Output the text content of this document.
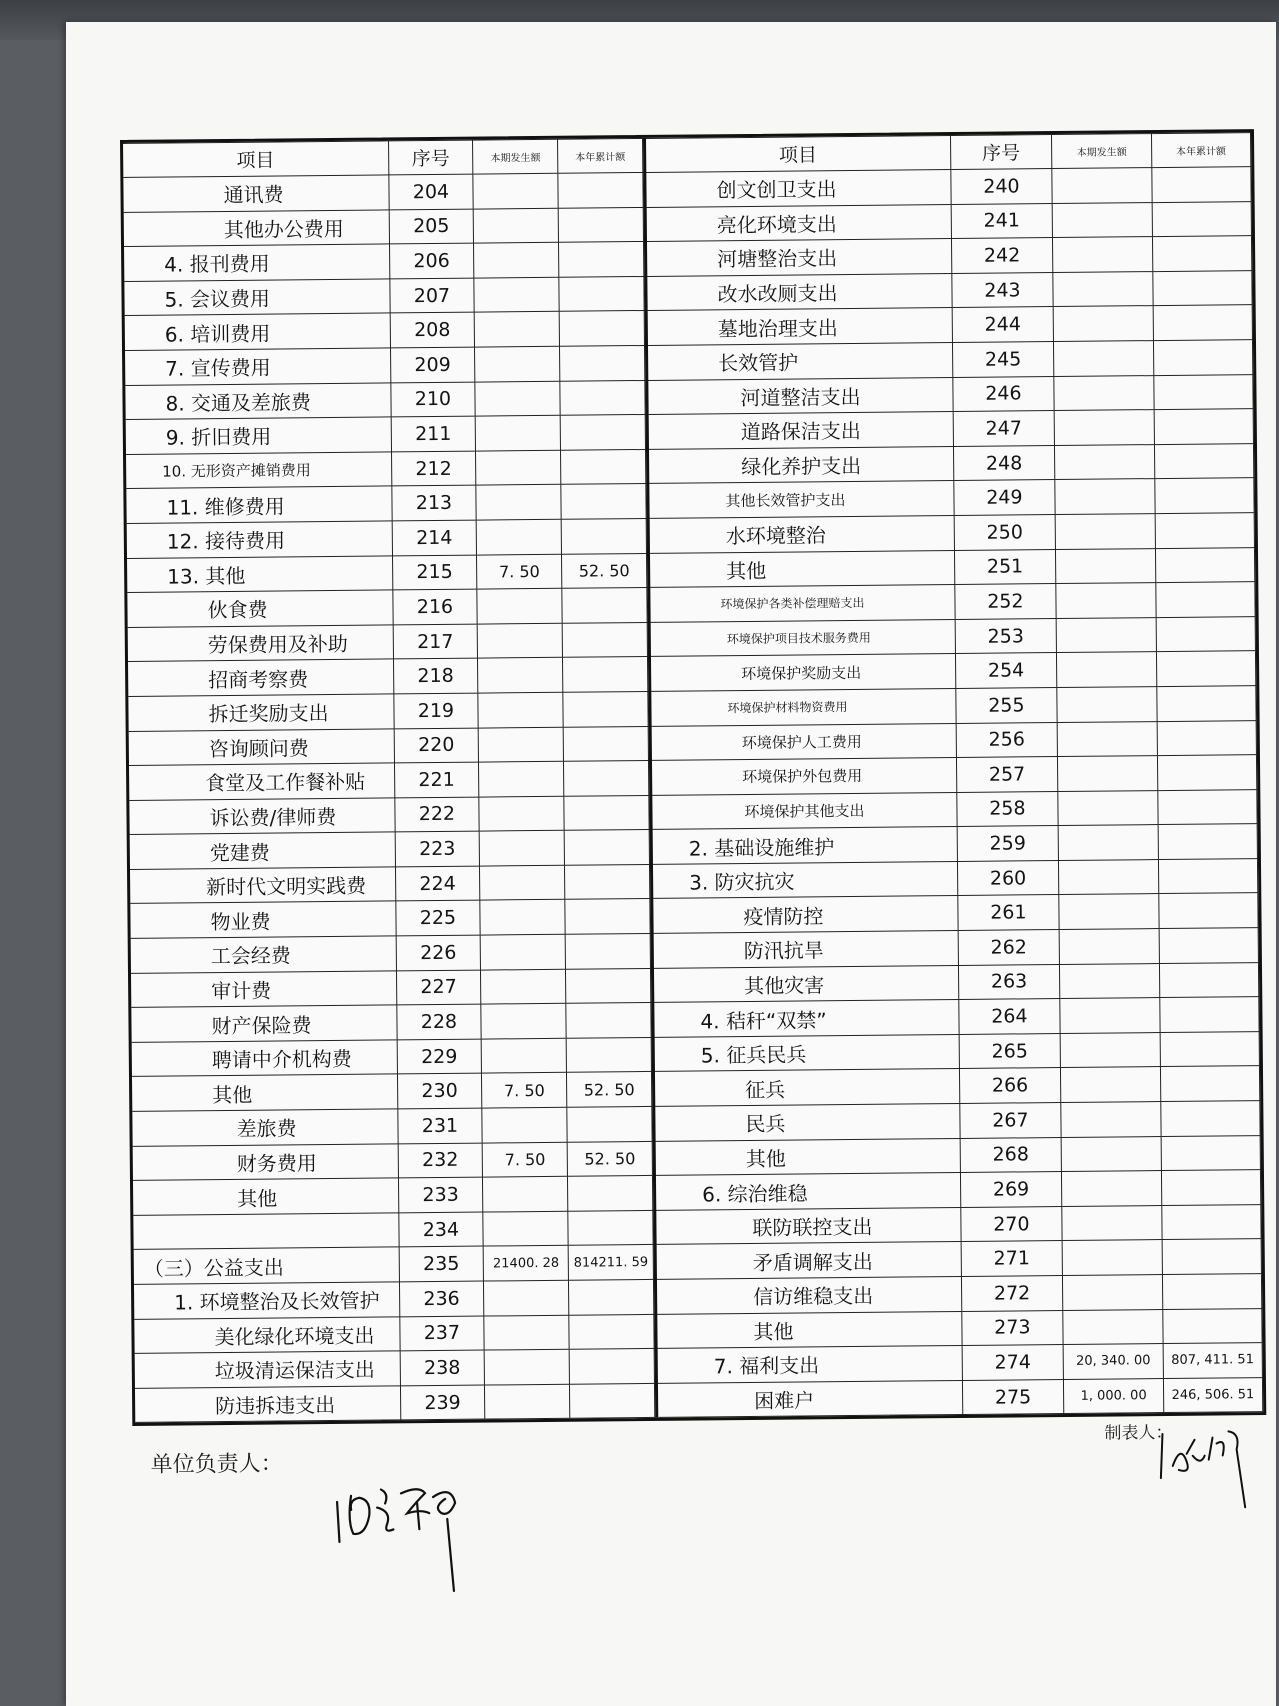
项目	序号	本期发生额	本年累计额
通讯费	204		
其他办公费用	205		
4. 报刊费用	206		
5. 会议费用	207		
6. 培训费用	208		
7. 宣传费用	209		
8. 交通及差旅费	210		
9. 折旧费用	211		
10. 无形资产摊销费用	212		
11. 维修费用	213		
12. 接待费用	214		
13. 其他	215	7. 50	52. 50
伙食费	216		
劳保费用及补助	217		
招商考察费	218		
拆迁奖励支出	219		
咨询顾问费	220		
食堂及工作餐补贴	221		
诉讼费/律师费	222		
党建费	223		
新时代文明实践费	224		
物业费	225		
工会经费	226		
审计费	227		
财产保险费	228		
聘请中介机构费	229		
其他	230	7. 50	52. 50
差旅费	231		
财务费用	232	7. 50	52. 50
其他	233		
	234		
（三）公益支出	235	21400. 28	814211. 59
1. 环境整治及长效管护	236		
美化绿化环境支出	237		
垃圾清运保洁支出	238		
防违拆违支出	239		
项目	序号	本期发生额	本年累计额
创文创卫支出	240		
亮化环境支出	241		
河塘整治支出	242		
改水改厕支出	243		
墓地治理支出	244		
长效管护	245		
河道整洁支出	246		
道路保洁支出	247		
绿化养护支出	248		
其他长效管护支出	249		
水环境整治	250		
其他	251		
环境保护各类补偿理赔支出	252		
环境保护项目技术服务费用	253		
环境保护奖励支出	254		
环境保护材料物资费用	255		
环境保护人工费用	256		
环境保护外包费用	257		
环境保护其他支出	258		
2. 基础设施维护	259		
3. 防灾抗灾	260		
疫情防控	261		
防汛抗旱	262		
其他灾害	263		
4. 秸秆“双禁”	264		
5. 征兵民兵	265		
征兵	266		
民兵	267		
其他	268		
6. 综治维稳	269		
联防联控支出	270		
矛盾调解支出	271		
信访维稳支出	272		
其他	273		
7. 福利支出	274	20, 340. 00	807, 411. 51
困难户	275	1, 000. 00	246, 506. 51
单位负责人：
制表人：
